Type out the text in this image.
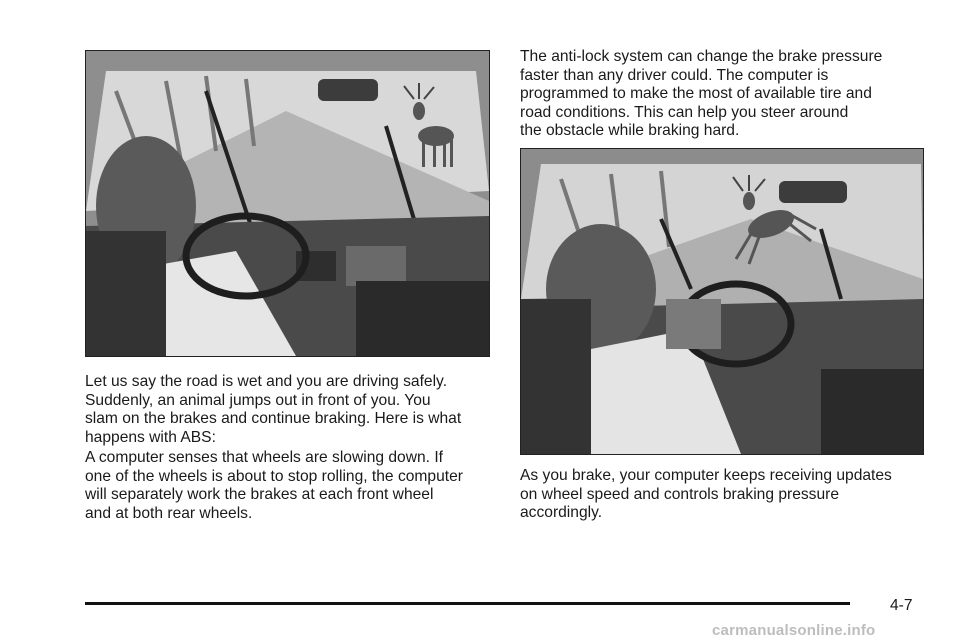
Let us say the road is wet and you are driving safely.
Suddenly, an animal jumps out in front of you. You
slam on the brakes and continue braking. Here is what
happens with ABS:

A computer senses that wheels are slowing down. If
one of the wheels is about to stop rolling, the computer
will separately work the brakes at each front wheel
and at both rear wheels.

The anti-lock system can change the brake pressure
faster than any driver could. The computer is
programmed to make the most of available tire and
road conditions. This can help you steer around
the obstacle while braking hard.

As you brake, your computer keeps receiving updates
on wheel speed and controls braking pressure
accordingly.

4-7
carmanualsonline.info
